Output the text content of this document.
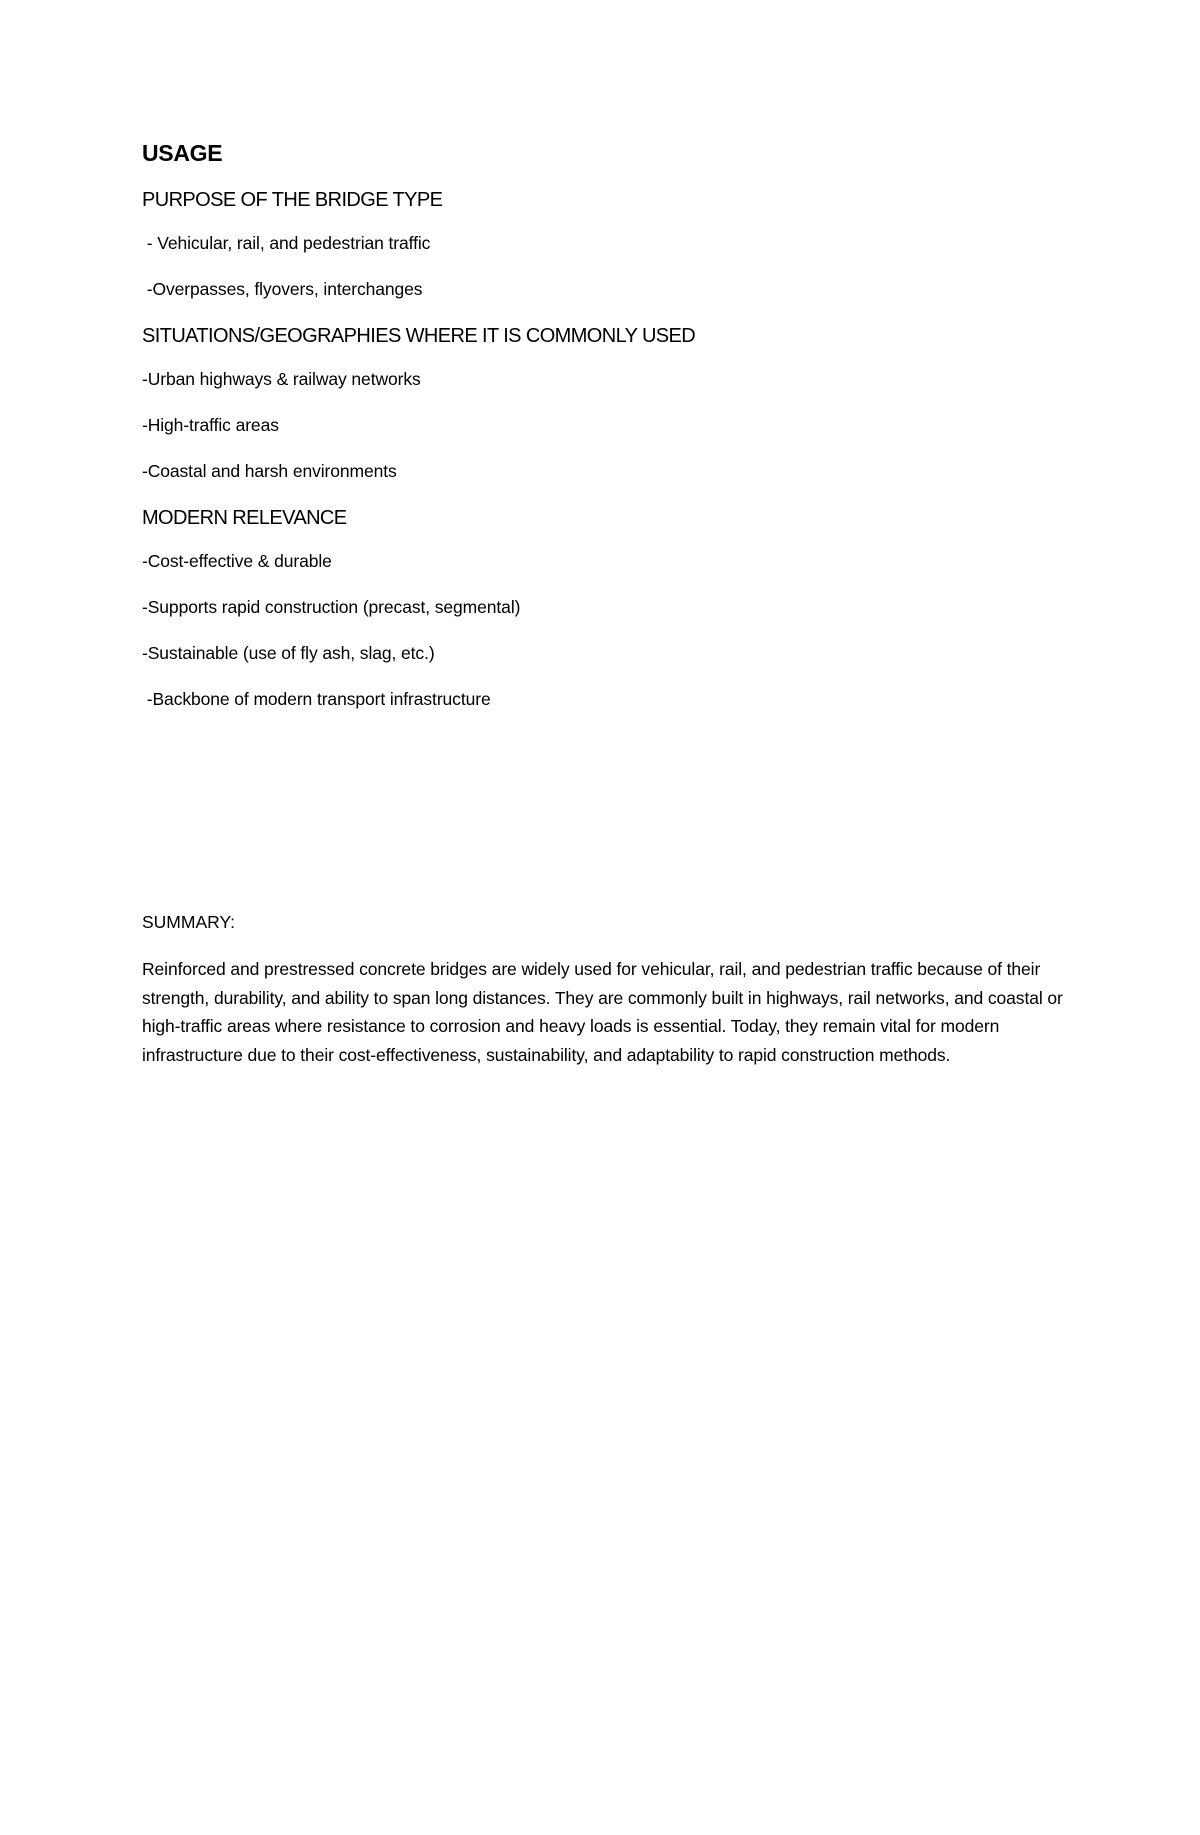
USAGE
PURPOSE OF THE BRIDGE TYPE
- Vehicular, rail, and pedestrian traffic
-Overpasses, flyovers, interchanges
SITUATIONS/GEOGRAPHIES WHERE IT IS COMMONLY USED
-Urban highways & railway networks
-High-traffic areas
-Coastal and harsh environments
MODERN RELEVANCE
-Cost-effective & durable
-Supports rapid construction (precast, segmental)
-Sustainable (use of fly ash, slag, etc.)
-Backbone of modern transport infrastructure
SUMMARY:

Reinforced and prestressed concrete bridges are widely used for vehicular, rail, and pedestrian traffic because of their strength, durability, and ability to span long distances. They are commonly built in highways, rail networks, and coastal or high-traffic areas where resistance to corrosion and heavy loads is essential. Today, they remain vital for modern infrastructure due to their cost-effectiveness, sustainability, and adaptability to rapid construction methods.
